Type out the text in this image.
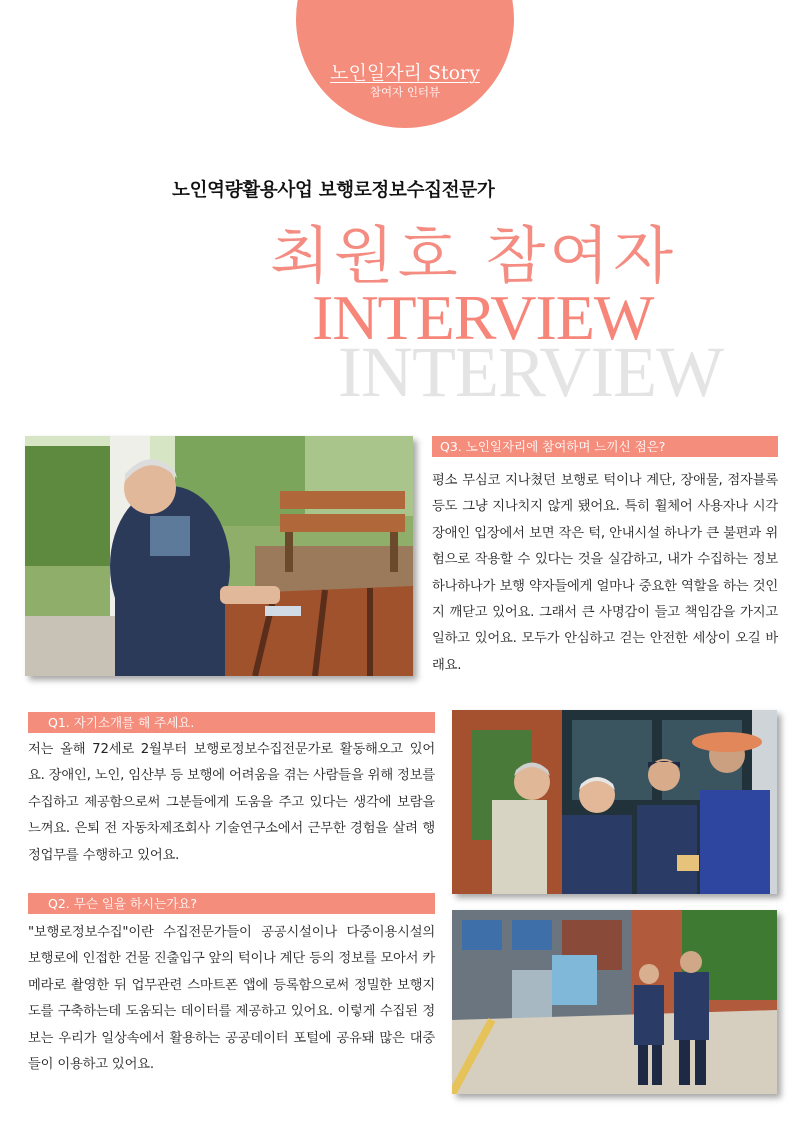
노인일자리 Story
참여자 인터뷰
노인역량활용사업 보행로정보수집전문가
최원호 참여자
INTERVIEW
INTERVIEW
Q3. 노인일자리에 참여하며 느끼신 점은?
평소 무심코 지나쳤던 보행로 턱이나 계단, 장애물, 점자블록 등도 그냥 지나치지 않게 됐어요. 특히 휠체어 사용자나 시각장애인 입장에서 보면 작은 턱, 안내시설 하나가 큰 불편과 위험으로 작용할 수 있다는 것을 실감하고, 내가 수집하는 정보 하나하나가 보행 약자들에게 얼마나 중요한 역할을 하는 것인지 깨닫고 있어요. 그래서 큰 사명감이 들고 책임감을 가지고 일하고 있어요. 모두가 안심하고 걷는 안전한 세상이 오길 바래요.
Q1. 자기소개를 해 주세요.
저는 올해 72세로 2월부터 보행로정보수집전문가로 활동해오고 있어요. 장애인, 노인, 임산부 등 보행에 어려움을 겪는 사람들을 위해 정보를 수집하고 제공함으로써 그분들에게 도움을 주고 있다는 생각에 보람을 느껴요. 은퇴 전 자동차제조회사 기술연구소에서 근무한 경험을 살려 행정업무를 수행하고 있어요.
Q2. 무슨 일을 하시는가요?
"보행로정보수집"이란 수집전문가들이 공공시설이나 다중이용시설의 보행로에 인접한 건물 진출입구 앞의 턱이나 계단 등의 정보를 모아서 카메라로 촬영한 뒤 업무관련 스마트폰 앱에 등록함으로써 정밀한 보행지도를 구축하는데 도움되는 데이터를 제공하고 있어요. 이렇게 수집된 정보는 우리가 일상속에서 활용하는 공공데이터 포털에 공유돼 많은 대중들이 이용하고 있어요.
